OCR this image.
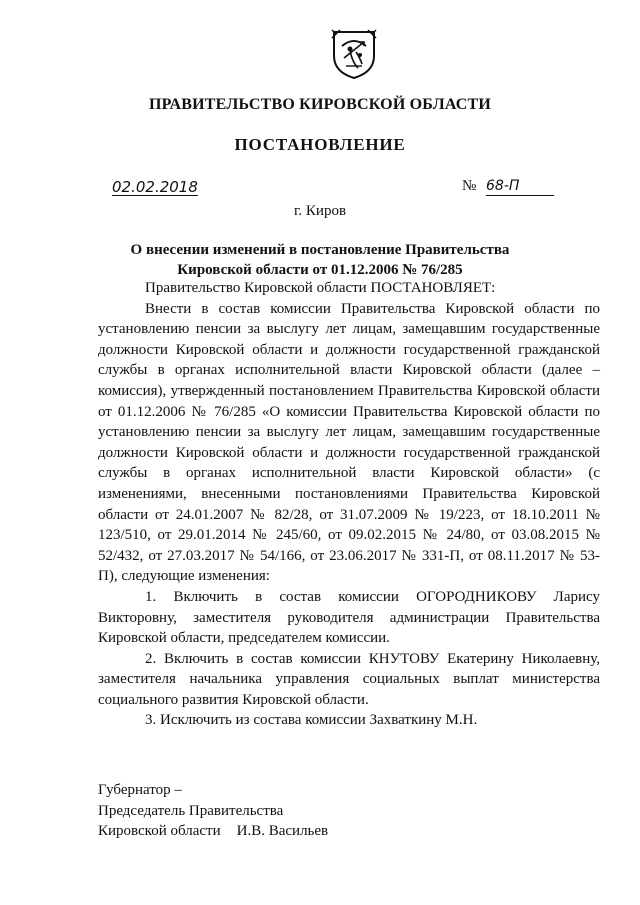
ПРАВИТЕЛЬСТВО КИРОВСКОЙ ОБЛАСТИ
ПОСТАНОВЛЕНИЕ
02.02.2018	№ 68-П
г. Киров
О внесении изменений в постановление Правительства
Кировской области от 01.12.2006 № 76/285

Правительство Кировской области ПОСТАНОВЛЯЕТ:

Внести в состав комиссии Правительства Кировской области по установлению пенсии за выслугу лет лицам, замещавшим государственные должности Кировской области и должности государственной гражданской службы в органах исполнительной власти Кировской области (далее – комиссия), утвержденный постановлением Правительства Кировской области от 01.12.2006 № 76/285 «О комиссии Правительства Кировской области по установлению пенсии за выслугу лет лицам, замещавшим государственные должности Кировской области и должности государственной гражданской службы в органах исполнительной власти Кировской области» (с изменениями, внесенными постановлениями Правительства Кировской области от 24.01.2007 № 82/28, от 31.07.2009 № 19/223, от 18.10.2011 № 123/510, от 29.01.2014 № 245/60, от 09.02.2015 № 24/80, от 03.08.2015 № 52/432, от 27.03.2017 № 54/166, от 23.06.2017 № 331-П, от 08.11.2017 № 53-П), следующие изменения:

1. Включить в состав комиссии ОГОРОДНИКОВУ Ларису Викторовну, заместителя руководителя администрации Правительства Кировской области, председателем комиссии.

2. Включить в состав комиссии КНУТОВУ Екатерину Николаевну, заместителя начальника управления социальных выплат министерства социального развития Кировской области.

3. Исключить из состава комиссии Захваткину М.Н.

Губернатор –
Председатель Правительства
Кировской области И.В. Васильев
